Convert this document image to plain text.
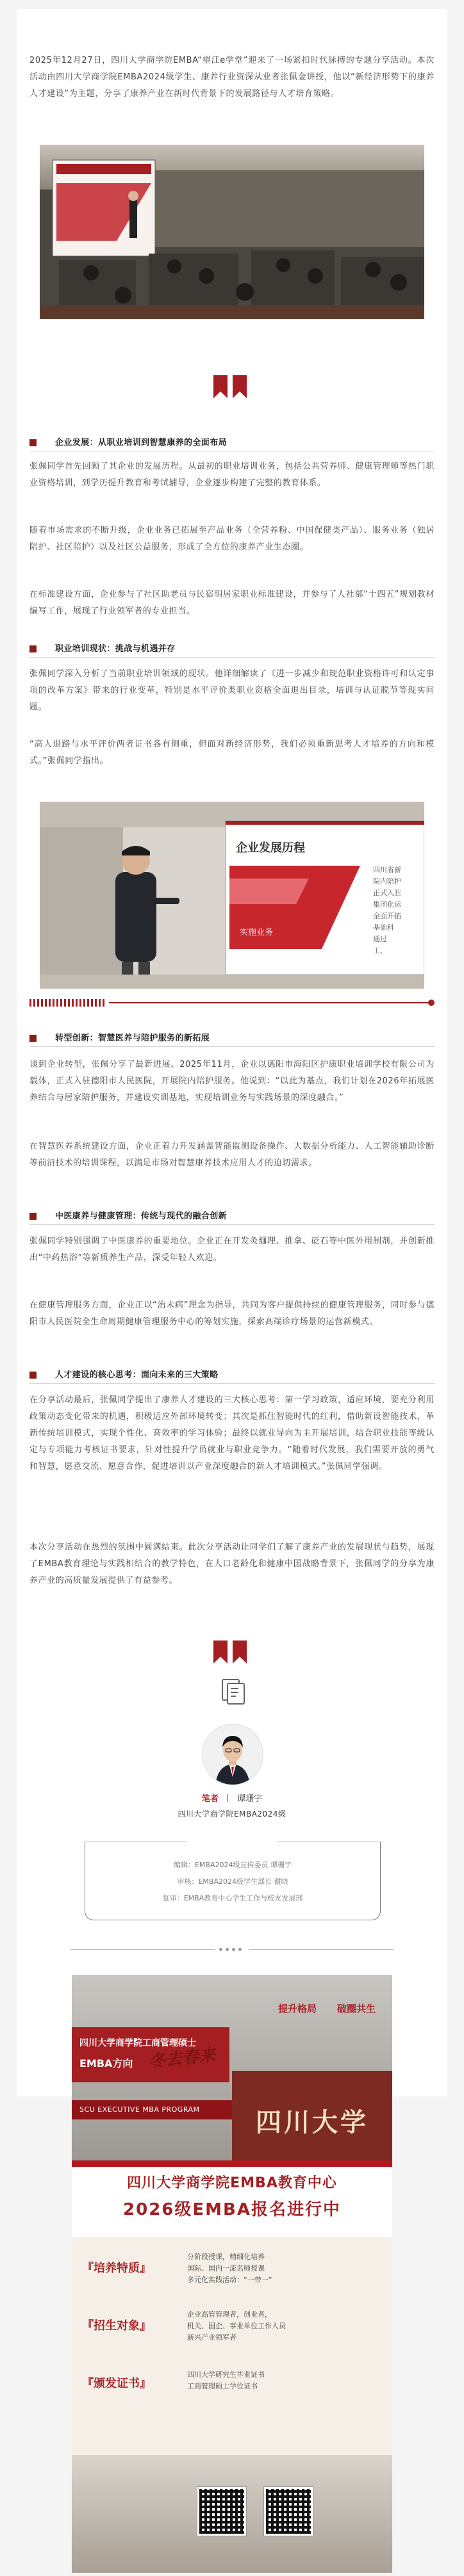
2025年12月27日，四川大学商学院EMBA“望江e学堂”迎来了一场紧扣时代脉搏的专题分享活动。本次活动由四川大学商学院EMBA2024级学生、康养行业资深从业者张佩金讲授，他以“新经济形势下的康养人才建设”为主题，分享了康养产业在新时代背景下的发展路径与人才培育策略。
企业发展：从职业培训到智慧康养的全面布局
张佩同学首先回顾了其企业的发展历程。从最初的职业培训业务，包括公共营养师、健康管理师等热门职业资格培训，到学历提升教育和考试辅导，企业逐步构建了完整的教育体系。
随着市场需求的不断升级，企业业务已拓展至产品业务（全营养粉、中国保健类产品）、服务业务（独居陪护、社区陪护）以及社区公益服务，形成了全方位的康养产业生态圈。
在标准建设方面，企业参与了社区助老员与民宿明居家职业标准建设，并参与了人社部“十四五”规划教材编写工作，展现了行业领军者的专业担当。
职业培训现状：挑战与机遇并存
张佩同学深入分析了当前职业培训领域的现状。他详细解读了《进一步减少和规范职业资格许可和认定事项的改革方案》带来的行业变革，特别是水平评价类职业资格全面退出目录，培训与认证脱节等现实问题。
“高人退路与水平评价两者证书各有侧重，但面对新经济形势，我们必须重新思考人才培养的方向和模式。”张佩同学指出。
企业发展历程
实施业务
四川省新
院内陪护
正式入驻
集团化运
全面开拓
基础科
通过
工、
转型创新：智慧医养与陪护服务的新拓展
谈到企业转型，张佩分享了最新进展。2025年11月，企业以德阳市海阳区护康职业培训学校有限公司为载体，正式入驻德阳市人民医院，开展院内陪护服务。他说到：“以此为基点，我们计划在2026年拓展医养结合与居家陪护服务，并建设实训基地，实现培训业务与实践场景的深度融合。”
在智慧医养系统建设方面，企业正着力开发涵盖智能监测设备操作、大数据分析能力、人工智能辅助诊断等前沿技术的培训课程，以满足市场对智慧康养技术应用人才的迫切需求。
中医康养与健康管理：传统与现代的融合创新
张佩同学特别强调了中医康养的重要地位。企业正在开发灸熥理、推拿、砭石等中医外用制剂，并创新推出“中药热浴”等新质养生产品，深受年轻人欢迎。
在健康管理服务方面，企业正以“治未病”理念为指导，共同为客户提供持续的健康管理服务，同时参与德阳市人民医院全生命周期健康管理服务中心的筹划实施，探索高端诊疗场景的运营新模式。
人才建设的核心思考：面向未来的三大策略
在分享活动最后，张佩同学提出了康养人才建设的三大核心思考：第一学习政策，适应环境，要充分利用政策动态变化带来的机遇，积极适应外部环境转变；其次是抓住智能时代的红利，借助新设智能技术，革新传统培训模式，实现个性化、高效率的学习体验；最终以就业导向为主开展培训，结合职业技能等级认定与专项能力考核证书要求，针对性提升学员就业与职业竞争力。“随着时代发展，我们需要开放的勇气和智慧，愿意交流、愿意合作，促进培训以产业深度融合的新人才培训模式。”张佩同学强调。
本次分享活动在热烈的氛围中圆满结束。此次分享活动让同学们了解了康养产业的发展现状与趋势，展现了EMBA教育理论与实践相结合的教学特色，在人口老龄化和健康中国战略背景下，张佩同学的分享为康养产业的高质量发展提供了有益参考。
笔者 谭珊宇
四川大学商学院EMBA2024级
编辑：EMBA2024级宣传委员 谭珊宇
审核：EMBA2024级学生部长 谢晓
复审：EMBA教育中心学生工作与校友发展部
提升格局 破圈共生
四川大学商学院工商管理硕士
EMBA方向 冬去春来
SCU EXECUTIVE MBA PROGRAM	四川大学
四川大学商学院EMBA教育中心
2026级EMBA报名进行中
『培养特质』
分阶段授课，精细化培养
国际、国内一流名师授课
多元化实践活动：“一带一”
『招生对象』
企业高管管理者，创业者，
机关、国企、事业单位工作人员
新兴产业领军者
『颁发证书』
四川大学研究生毕业证书
工商管理硕士学位证书
